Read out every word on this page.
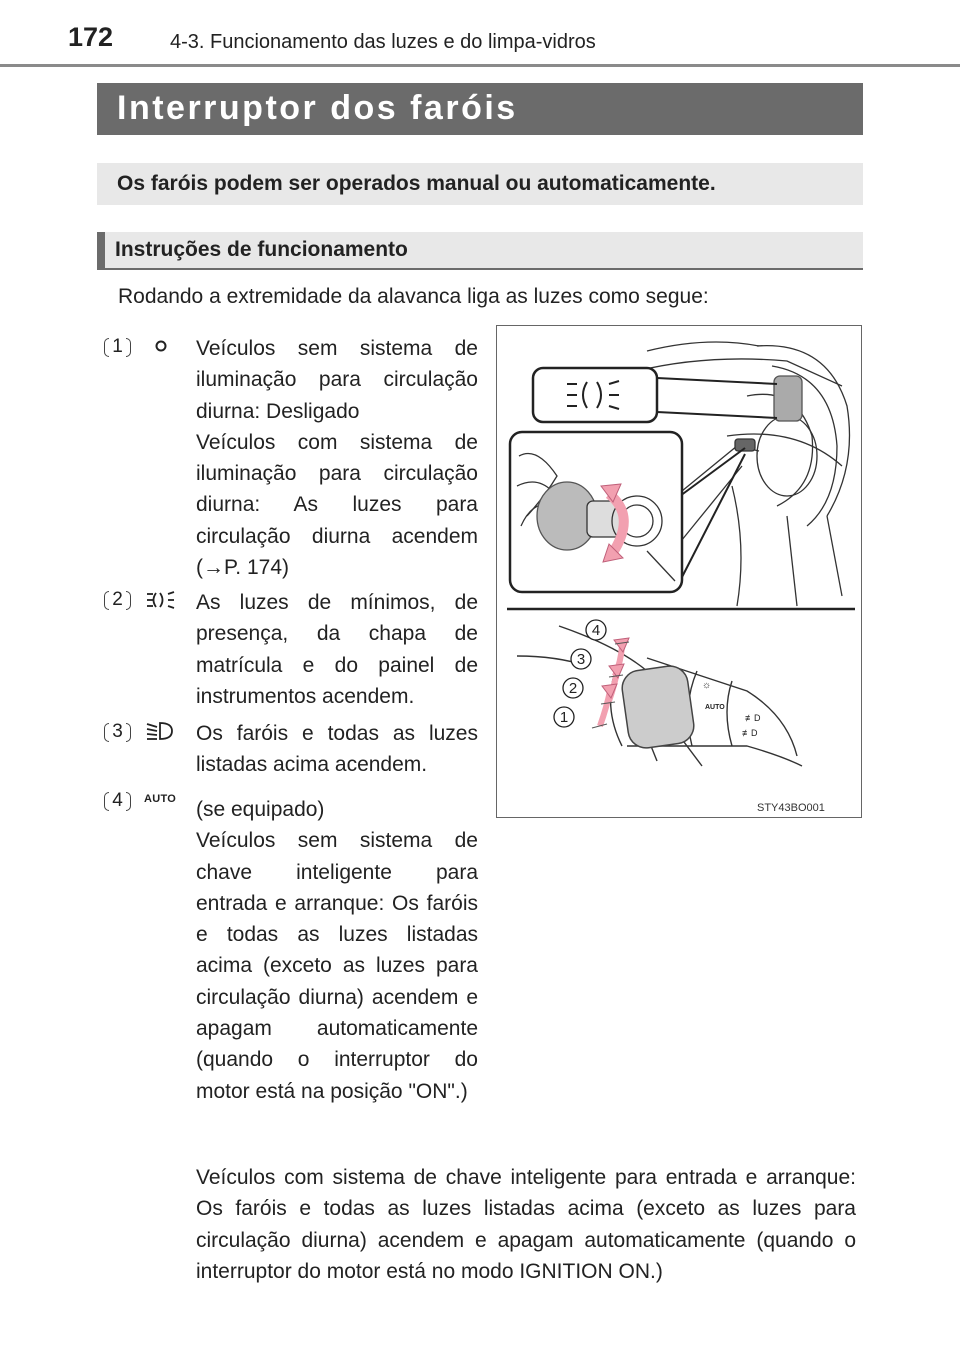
172	4-3. Funcionamento das luzes e do limpa-vidros
Interruptor dos faróis
Os faróis podem ser operados manual ou automaticamente.
Instruções de funcionamento
Rodando a extremidade da alavanca liga as luzes como segue:
1	Veículos sem sistema de iluminação para circulação diurna: Desligado

Veículos com sistema de iluminação para circulação diurna: As luzes para circulação diurna acendem (→P. 174)

2	As luzes de mínimos, de presença, da chapa de matrícula e do painel de instrumentos acendem.

3	Os faróis e todas as luzes listadas acima acendem.

4	AUTO (se equipado)

Veículos sem sistema de chave inteligente para entrada e arranque: Os faróis e todas as luzes listadas acima (exceto as luzes para circulação diurna) acendem e apagam automaticamente (quando o interruptor do motor está na posição "ON".)

Veículos com sistema de chave inteligente para entrada e arranque: Os faróis e todas as luzes listadas acima (exceto as luzes para circulação diurna) acendem e apagam automaticamente (quando o interruptor do motor está no modo IGNITION ON.)
☼
AUTO
≢D
≢D
4
3
2
1
STY43BO001
